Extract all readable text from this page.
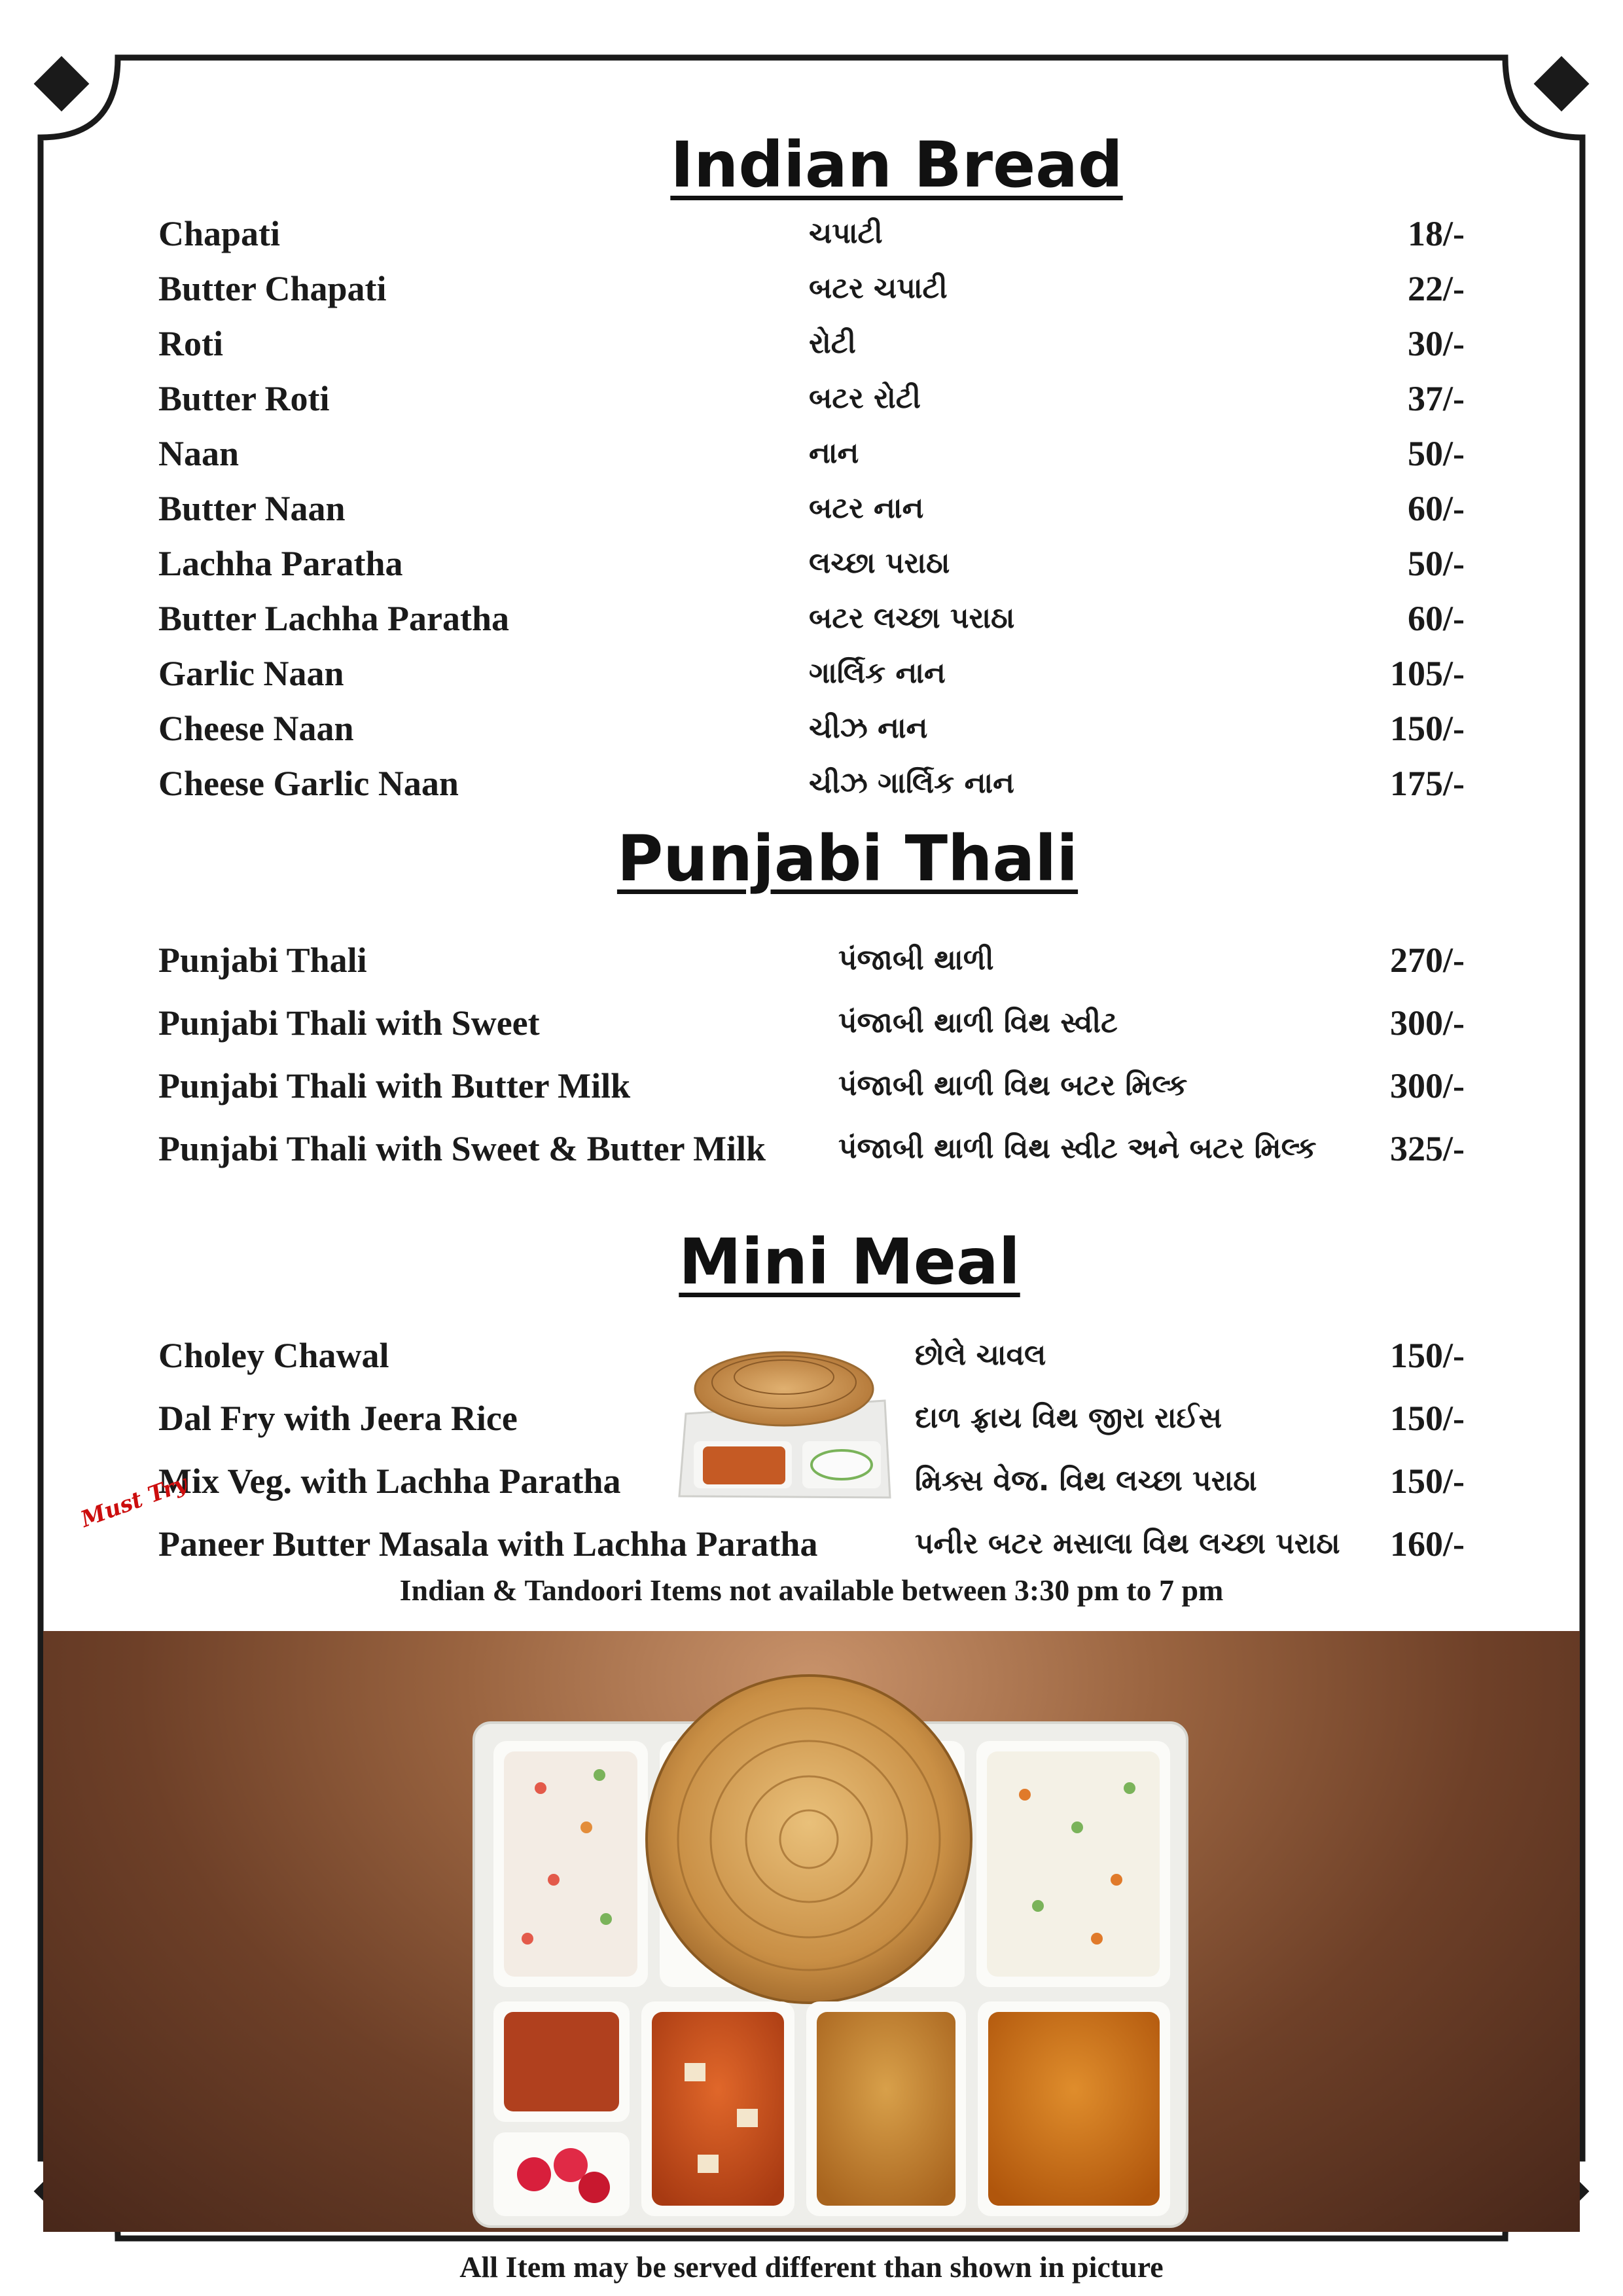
Indian Bread
Chapati	ચપાટી	18/-
Butter Chapati	બટર ચપાટી	22/-
Roti	રોટી	30/-
Butter Roti	બટર રોટી	37/-
Naan	નાન	50/-
Butter Naan	બટર નાન	60/-
Lachha Paratha	લચ્છા પરાઠા	50/-
Butter Lachha Paratha	બટર લચ્છા પરાઠા	60/-
Garlic Naan	ગાર્લિક નાન	105/-
Cheese Naan	ચીઝ નાન	150/-
Cheese Garlic Naan	ચીઝ ગાર્લિક નાન	175/-
Punjabi Thali
Punjabi Thali	પંજાબી થાળી	270/-
Punjabi Thali with Sweet	પંજાબી થાળી વિથ સ્વીટ	300/-
Punjabi Thali with Butter Milk	પંજાબી થાળી વિથ બટર મિલ્ક	300/-
Punjabi Thali with Sweet & Butter Milk	પંજાબી થાળી વિથ સ્વીટ અને બટર મિલ્ક 325/-
Mini Meal
Choley Chawal	છોલે ચાવલ	150/-
Dal Fry with Jeera Rice	દાળ ફ્રાય વિથ જીરા રાઈસ	150/-
Mix Veg. with Lachha Paratha	મિક્સ વેજ. વિથ લચ્છા પરાઠા	150/-
Paneer Butter Masala with Lachha Paratha	પનીર બટર મસાલા વિથ લચ્છા પરાઠા 160/-
Must Try
Indian & Tandoori Items not available between 3:30 pm to 7 pm
All Item may be served different than shown in picture
